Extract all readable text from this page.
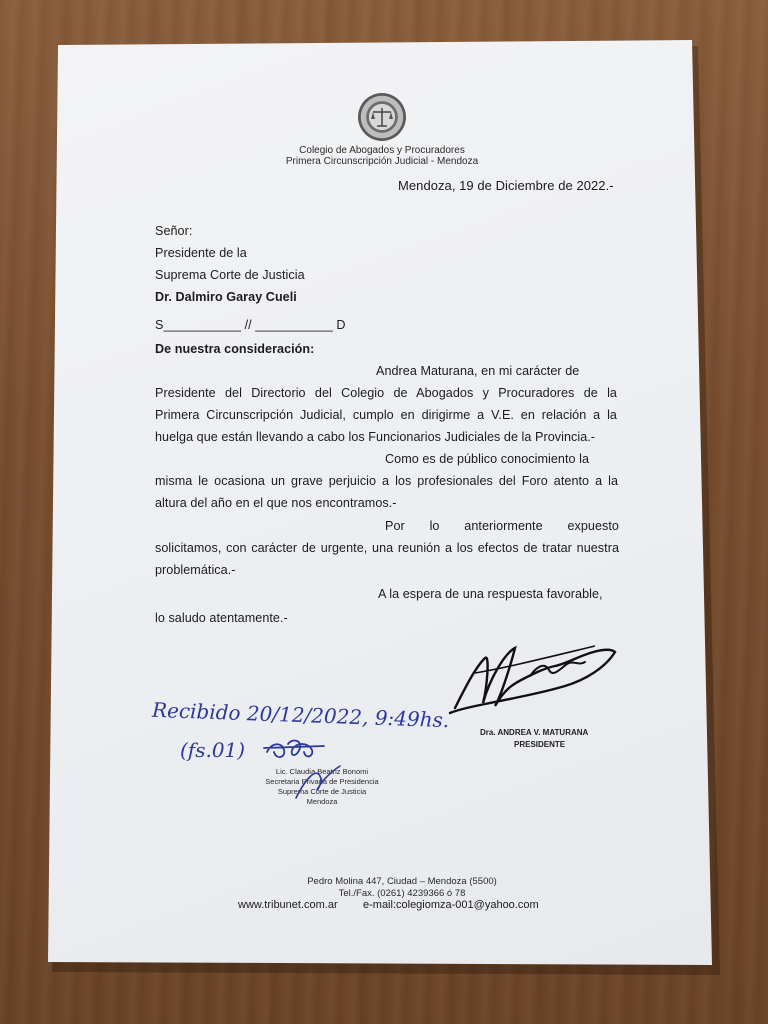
Colegio de Abogados y Procuradores
Primera Circunscripción Judicial - Mendoza
Mendoza, 19 de Diciembre de 2022.-
Señor:
Presidente de la
Suprema Corte de Justicia
Dr. Dalmiro Garay Cueli
S___________ // ___________ D
De nuestra consideración:
Andrea Maturana, en mi carácter de
Presidente del Directorio del Colegio de Abogados y Procuradores de la
Primera Circunscripción Judicial, cumplo en dirigirme a V.E. en relación a la
huelga que están llevando a cabo los Funcionarios Judiciales de la Provincia.-
Como es de público conocimiento la
misma le ocasiona un grave perjuicio a los profesionales del Foro atento a la
altura del año en el que nos encontramos.-
Por lo anteriormente expuesto
solicitamos, con carácter de urgente, una reunión a los efectos de tratar nuestra
problemática.-
A la espera de una respuesta favorable,
lo saludo atentamente.-
Dra. ANDREA V. MATURANA
PRESIDENTE
Recibido 20/12/2022, 9:49hs.
(fs.01)
Lic. Claudia Beatriz Bonomi
Secretaria Privada de Presidencia
Suprema Corte de Justicia
Mendoza
Pedro Molina 447, Ciudad – Mendoza (5500)
Tel./Fax. (0261) 4239366 ó 78
www.tribunet.com.ar e-mail:colegiomza-001@yahoo.com
